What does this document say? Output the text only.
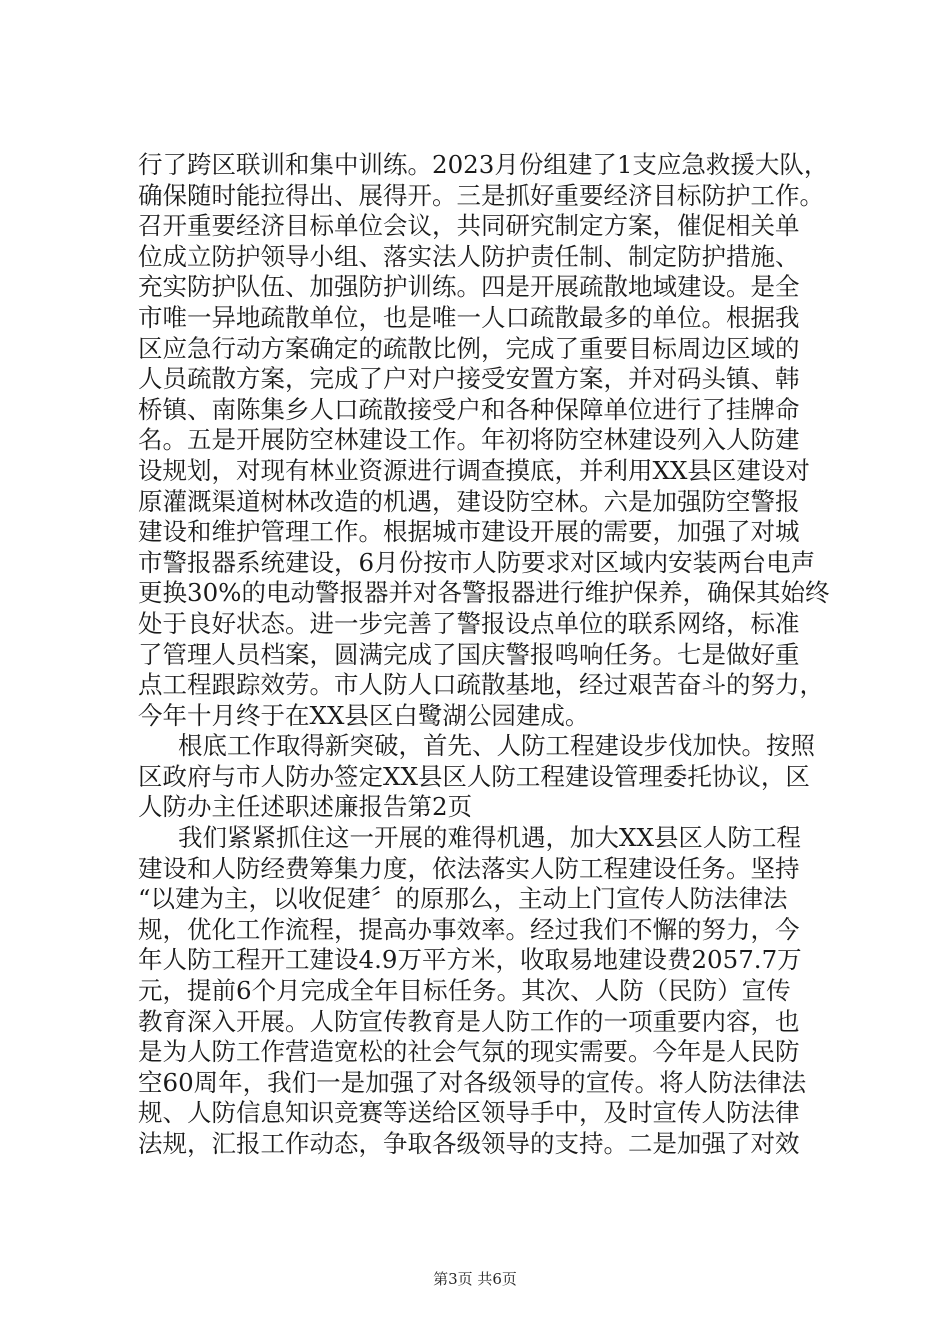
行了跨区联训和集中训练。2023月份组建了1支应急救援大队，
确保随时能拉得出、展得开。三是抓好重要经济目标防护工作。
召开重要经济目标单位会议，共同研究制定方案，催促相关单
位成立防护领导小组、落实法人防护责任制、制定防护措施、
充实防护队伍、加强防护训练。四是开展疏散地域建设。是全
市唯一异地疏散单位，也是唯一人口疏散最多的单位。根据我
区应急行动方案确定的疏散比例，完成了重要目标周边区域的
人员疏散方案，完成了户对户接受安置方案，并对码头镇、韩
桥镇、南陈集乡人口疏散接受户和各种保障单位进行了挂牌命
名。五是开展防空林建设工作。年初将防空林建设列入人防建
设规划，对现有林业资源进行调查摸底，并利用XX县区建设对
原灌溉渠道树林改造的机遇，建设防空林。六是加强防空警报
建设和维护管理工作。根据城市建设开展的需要，加强了对城
市警报器系统建设，6月份按市人防要求对区域内安装两台电声
更换30%的电动警报器并对各警报器进行维护保养，确保其始终
处于良好状态。进一步完善了警报设点单位的联系网络，标准
了管理人员档案，圆满完成了国庆警报鸣响任务。七是做好重
点工程跟踪效劳。市人防人口疏散基地，经过艰苦奋斗的努力，
今年十月终于在XX县区白鹭湖公园建成。
根底工作取得新突破，首先、人防工程建设步伐加快。按照
区政府与市人防办签定XX县区人防工程建设管理委托协议，区
人防办主任述职述廉报告第2页
我们紧紧抓住这一开展的难得机遇，加大XX县区人防工程
建设和人防经费筹集力度，依法落实人防工程建设任务。坚持
“以建为主，以收促建〞的原那么，主动上门宣传人防法律法
规，优化工作流程，提高办事效率。经过我们不懈的努力，今
年人防工程开工建设4.9万平方米，收取易地建设费2057.7万
元，提前6个月完成全年目标任务。其次、人防（民防）宣传
教育深入开展。人防宣传教育是人防工作的一项重要内容，也
是为人防工作营造宽松的社会气氛的现实需要。今年是人民防
空60周年，我们一是加强了对各级领导的宣传。将人防法律法
规、人防信息知识竞赛等送给区领导手中，及时宣传人防法律
法规，汇报工作动态，争取各级领导的支持。二是加强了对效
第3页 共6页
